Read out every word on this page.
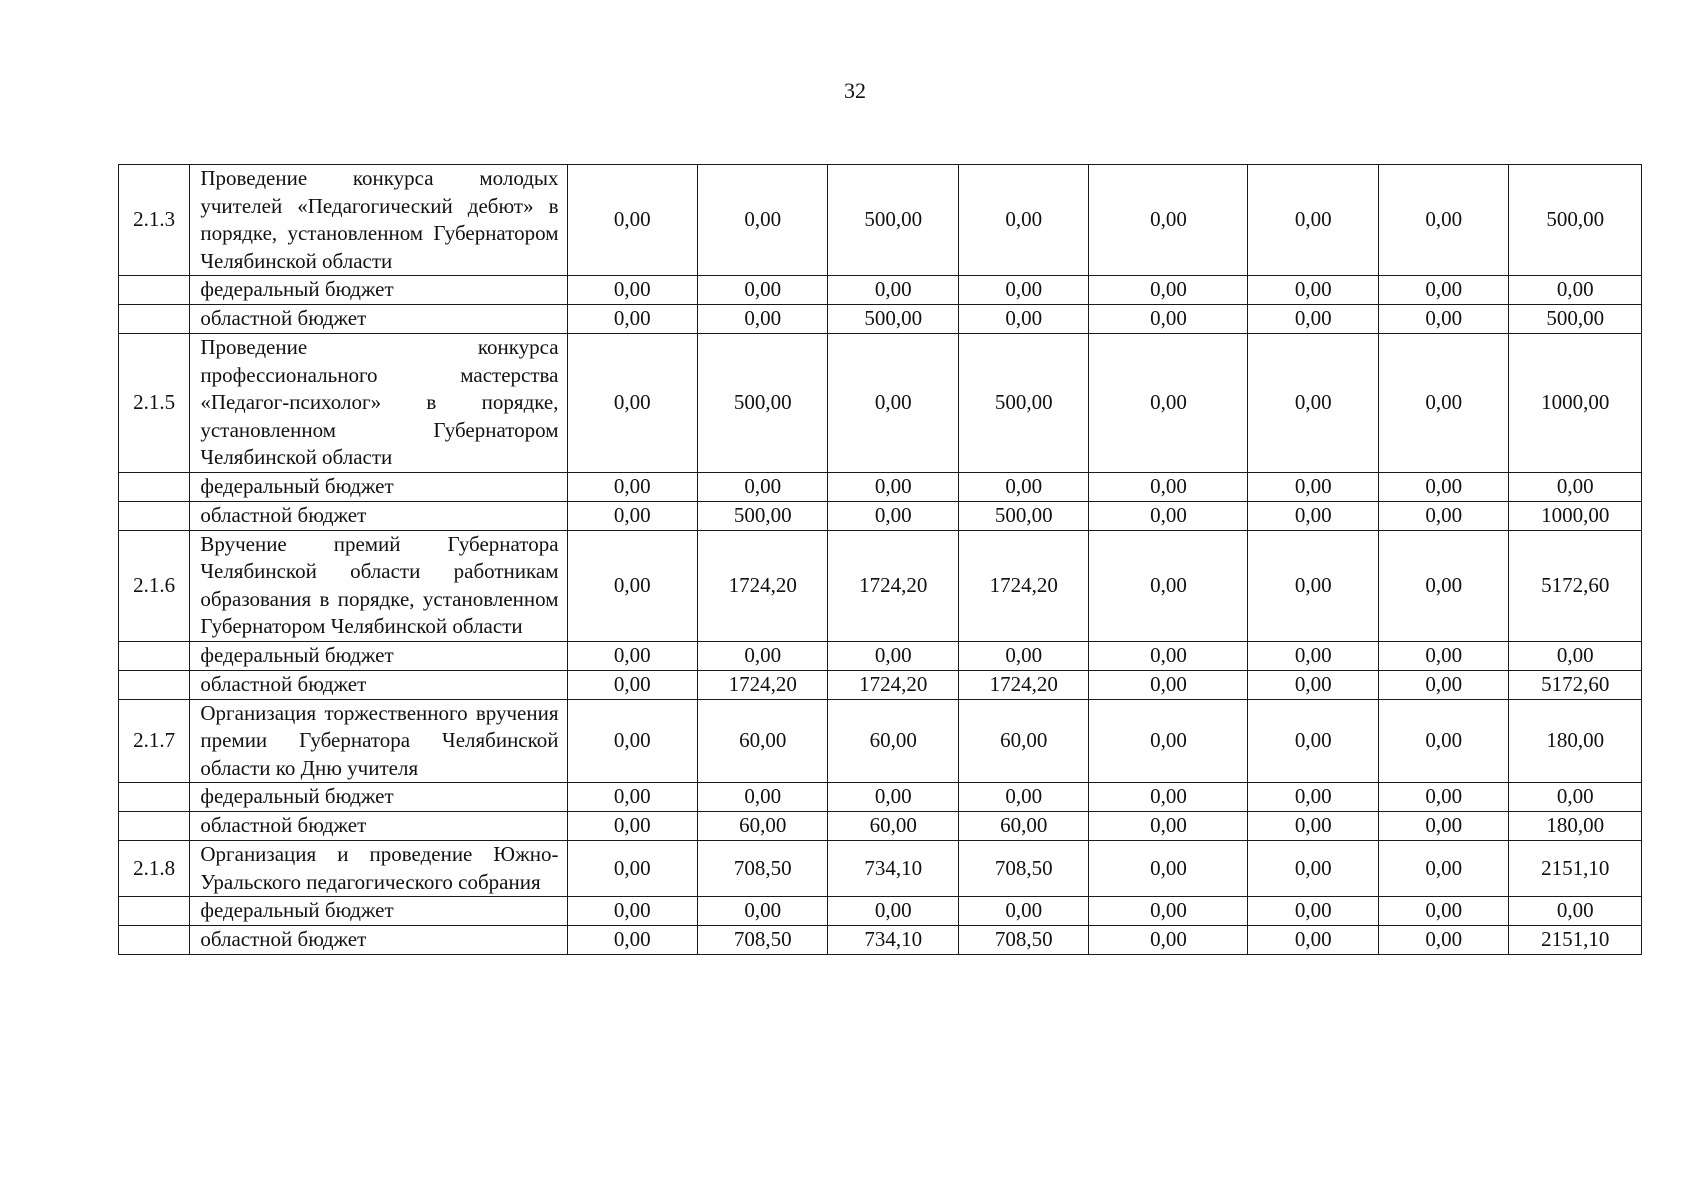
32
2.1.3	Проведение конкурса молодых учителей «Педагогический дебют» в порядке, установленном Губернатором Челябинской области	0,00	0,00	500,00	0,00	0,00	0,00	0,00	500,00
	федеральный бюджет	0,00	0,00	0,00	0,00	0,00	0,00	0,00	0,00
	областной бюджет	0,00	0,00	500,00	0,00	0,00	0,00	0,00	500,00
2.1.5	Проведение конкурса профессионального мастерства «Педагог-психолог» в порядке, установленном Губернатором Челябинской области	0,00	500,00	0,00	500,00	0,00	0,00	0,00	1000,00
	федеральный бюджет	0,00	0,00	0,00	0,00	0,00	0,00	0,00	0,00
	областной бюджет	0,00	500,00	0,00	500,00	0,00	0,00	0,00	1000,00
2.1.6	Вручение премий Губернатора Челябинской области работникам образования в порядке, установленном Губернатором Челябинской области	0,00	1724,20	1724,20	1724,20	0,00	0,00	0,00	5172,60
	федеральный бюджет	0,00	0,00	0,00	0,00	0,00	0,00	0,00	0,00
	областной бюджет	0,00	1724,20	1724,20	1724,20	0,00	0,00	0,00	5172,60
2.1.7	Организация торжественного вручения премии Губернатора Челябинской области ко Дню учителя	0,00	60,00	60,00	60,00	0,00	0,00	0,00	180,00
	федеральный бюджет	0,00	0,00	0,00	0,00	0,00	0,00	0,00	0,00
	областной бюджет	0,00	60,00	60,00	60,00	0,00	0,00	0,00	180,00
2.1.8	Организация и проведение Южно-Уральского педагогического собрания	0,00	708,50	734,10	708,50	0,00	0,00	0,00	2151,10
	федеральный бюджет	0,00	0,00	0,00	0,00	0,00	0,00	0,00	0,00
	областной бюджет	0,00	708,50	734,10	708,50	0,00	0,00	0,00	2151,10
